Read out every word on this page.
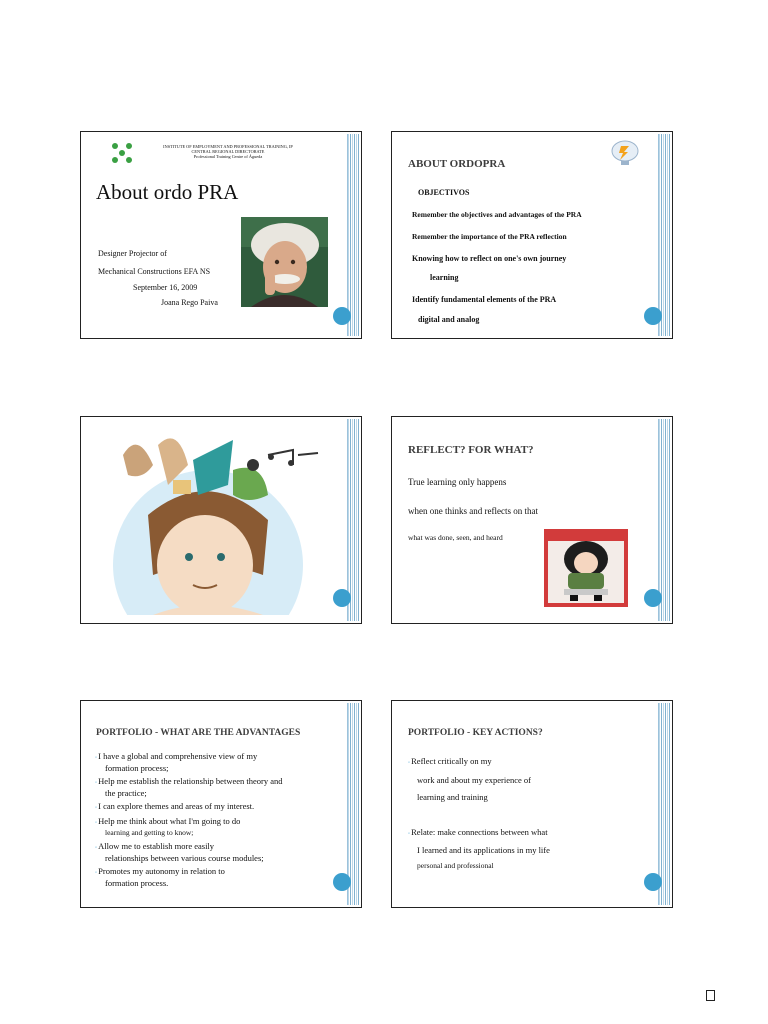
INSTITUTE OF EMPLOYMENT AND PROFESSIONAL TRAINING, IP
CENTRAL REGIONAL DIRECTORATE
Professional Training Centre of Águeda
About ordo PRA
Designer Projector of
Mechanical Constructions EFA NS
September 16, 2009
Joana Rego Paiva
ABOUT ORDOPRA
OBJECTIVOS
Remember the objectives and advantages of the PRA
Remember the importance of the PRA reflection
Knowing how to reflect on one's own journey
learning
Identify fundamental elements of the PRA
digital and analog
REFLECT? FOR WHAT?
True learning only happens
when one thinks and reflects on that
what was done, seen, and heard
PORTFOLIO - WHAT ARE THE ADVANTAGES
◦I have a global and comprehensive view of my
formation process;
◦Help me establish the relationship between theory and
the practice;
◦I can explore themes and areas of my interest.
◦Help me think about what I'm going to do
learning and getting to know;
◦Allow me to establish more easily
relationships between various course modules;
◦Promotes my autonomy in relation to
formation process.
PORTFOLIO - KEY ACTIONS?
◦Reflect critically on my
work and about my experience of
learning and training
◦Relate: make connections between what
I learned and its applications in my life
personal and professional
